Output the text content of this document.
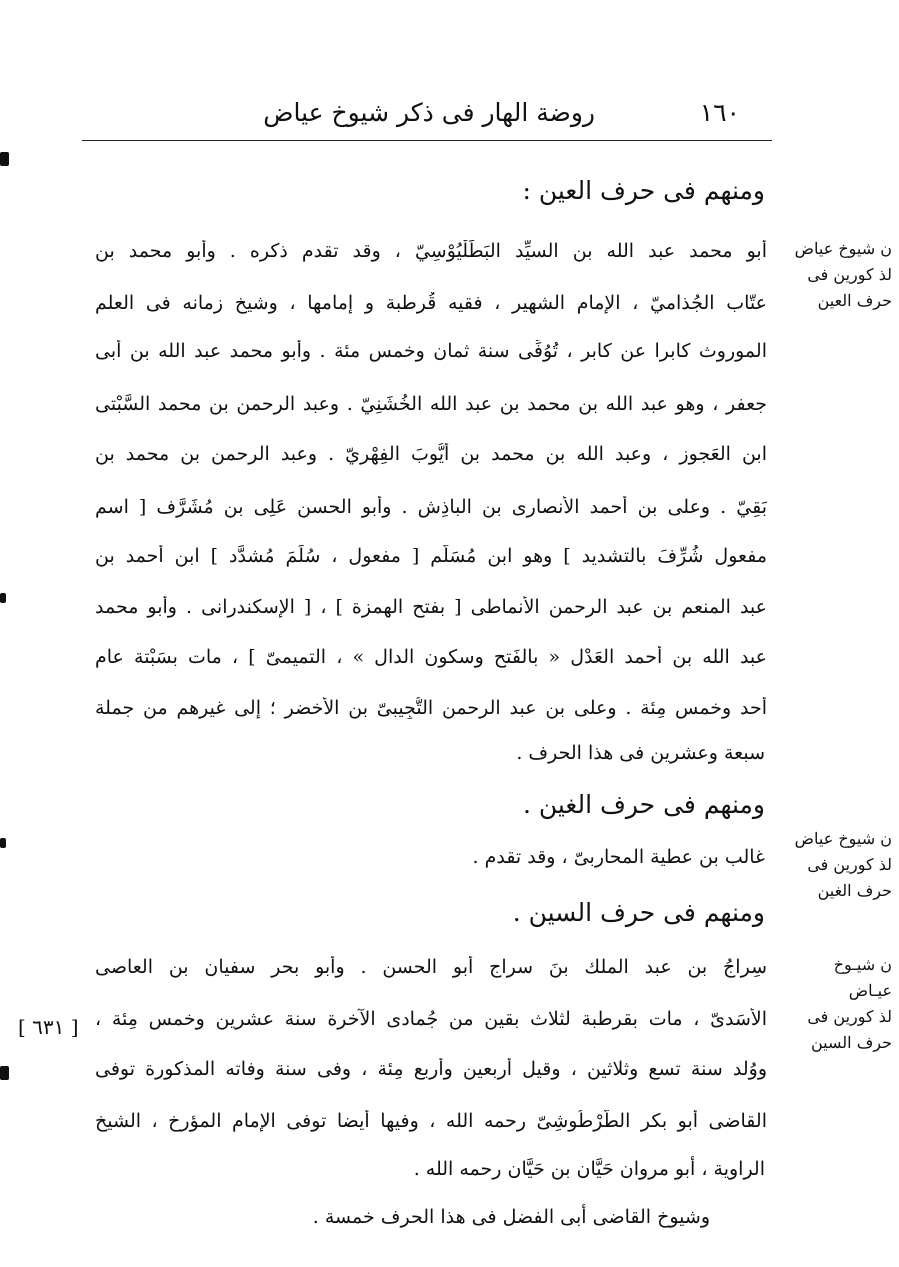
روضة الهار فى ذكر شيوخ عياض	١٦٠
ومنهم فى حرف العين :
ن شيوخ عياض
لذ كورين فى
حرف العين
أبو محمد عبد الله بن السيِّد البَطَلْيُوْسِيّ ، وقد تقدم ذكره . وأبو محمد بن
عتّاب الجُذاميّ ، الإمام الشهير ، فقيه قُرطبة و إمامها ، وشيخ زمانه فى العلم
الموروث كابرا عن كابر ، تُوُفِّى سنة ثمان وخمس مئة . وأبو محمد عبد الله بن أبى
جعفر ، وهو عبد الله بن محمد بن عبد الله الخُشَنِيّ . وعبد الرحمن بن محمد السَّبْتى
ابن العَجوز ، وعبد الله بن محمد بن أيُّوبَ الفِهْرِيّ . وعبد الرحمن بن محمد بن
بَقِيّ . وعلى بن أحمد الأنصارى بن الباذِش . وأبو الحسن عَلِى بن مُشَرَّف [ اسم
مفعول شُرِّفَ بالتشديد ] وهو ابن مُسَلَّم [ مفعول ، سُلِّمَ مُشدَّد ] ابن أحمد بن
عبد المنعم بن عبد الرحمن الأنماطى [ بفتح الهمزة ] ، [ الإسكندرانى . وأبو محمد
عبد الله بن أحمد العَدْل « بالفَتح وسكون الدال » ، التميمىّ ] ، مات بسَبْتة عام
أحد وخمس مِئة . وعلى بن عبد الرحمن التُّجِيبىّ بن الأخضر ؛ إلى غيرهم من جملة
سبعة وعشرين فى هذا الحرف .
ومنهم فى حرف الغين .
ن شيوخ عياض
لذ كورين فى
حرف الغين
غالب بن عطية المحاربىّ ، وقد تقدم .
ومنهم فى حرف السين .
ن شيـوخ
عيـاض
لذ كورين فى
حرف السين
سِراجُ بن عبد الملك بنَ سراج أبو الحسن . وأبو بحر سفيان بن العاصى
الأسَدىّ ، مات بقرطبة لثلاث بقين من جُمادى الآخرة سنة عشرين وخمس مِئة ،
ووُلد سنة تسع وثلاثين ، وقيل أربعين وأربع مِئة ، وفى سنة وفاته المذكورة توفى
القاضى أبو بكر الطُّرْطُوشِىّ رحمه الله ، وفيها أيضا توفى الإمام المؤرخ ، الشيخ
الراوية ، أبو مروان حَيَّان بن حَيَّان رحمه الله .
وشيوخ القاضى أبى الفضل فى هذا الحرف خمسة .
[ ٦٣١ ]
